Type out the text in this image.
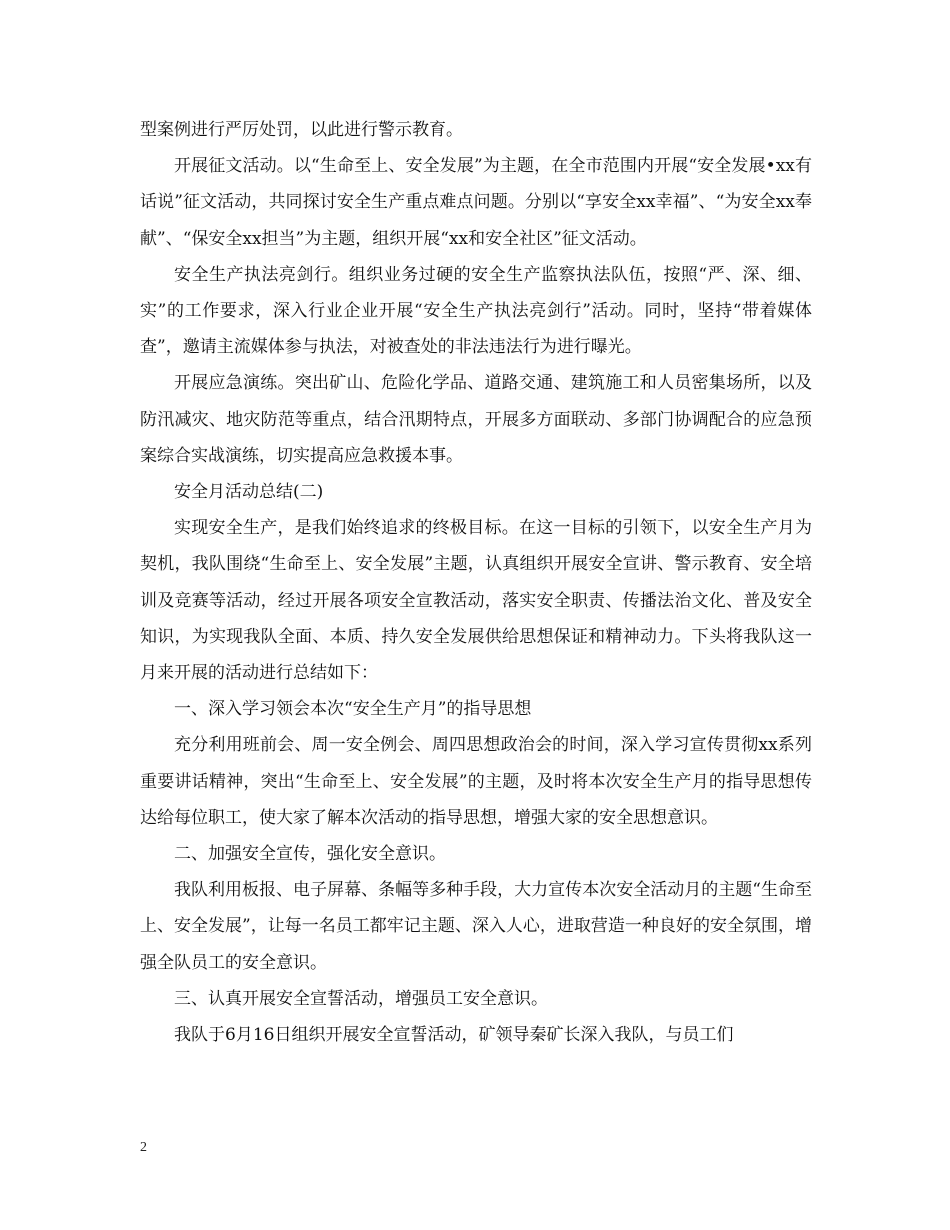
型案例进行严厉处罚，以此进行警示教育。

开展征文活动。以“生命至上、安全发展”为主题，在全市范围内开展“安全发展•xx有话说”征文活动，共同探讨安全生产重点难点问题。分别以“享安全xx幸福”、“为安全xx奉献”、“保安全xx担当”为主题，组织开展“xx和安全社区”征文活动。

安全生产执法亮剑行。组织业务过硬的安全生产监察执法队伍，按照“严、深、细、实”的工作要求，深入行业企业开展“安全生产执法亮剑行”活动。同时，坚持“带着媒体查”，邀请主流媒体参与执法，对被查处的非法违法行为进行曝光。

开展应急演练。突出矿山、危险化学品、道路交通、建筑施工和人员密集场所，以及防汛减灾、地灾防范等重点，结合汛期特点，开展多方面联动、多部门协调配合的应急预案综合实战演练，切实提高应急救援本事。

安全月活动总结(二)

实现安全生产，是我们始终追求的终极目标。在这一目标的引领下，以安全生产月为契机，我队围绕“生命至上、安全发展”主题，认真组织开展安全宣讲、警示教育、安全培训及竞赛等活动，经过开展各项安全宣教活动，落实安全职责、传播法治文化、普及安全知识，为实现我队全面、本质、持久安全发展供给思想保证和精神动力。下头将我队这一月来开展的活动进行总结如下：

一、深入学习领会本次“安全生产月”的指导思想

充分利用班前会、周一安全例会、周四思想政治会的时间，深入学习宣传贯彻xx系列重要讲话精神，突出“生命至上、安全发展”的主题，及时将本次安全生产月的指导思想传达给每位职工，使大家了解本次活动的指导思想，增强大家的安全思想意识。

二、加强安全宣传，强化安全意识。

我队利用板报、电子屏幕、条幅等多种手段，大力宣传本次安全活动月的主题“生命至上、安全发展”，让每一名员工都牢记主题、深入人心，进取营造一种良好的安全氛围，增强全队员工的安全意识。

三、认真开展安全宣誓活动，增强员工安全意识。

我队于6月16日组织开展安全宣誓活动，矿领导秦矿长深入我队，与员工们

2
